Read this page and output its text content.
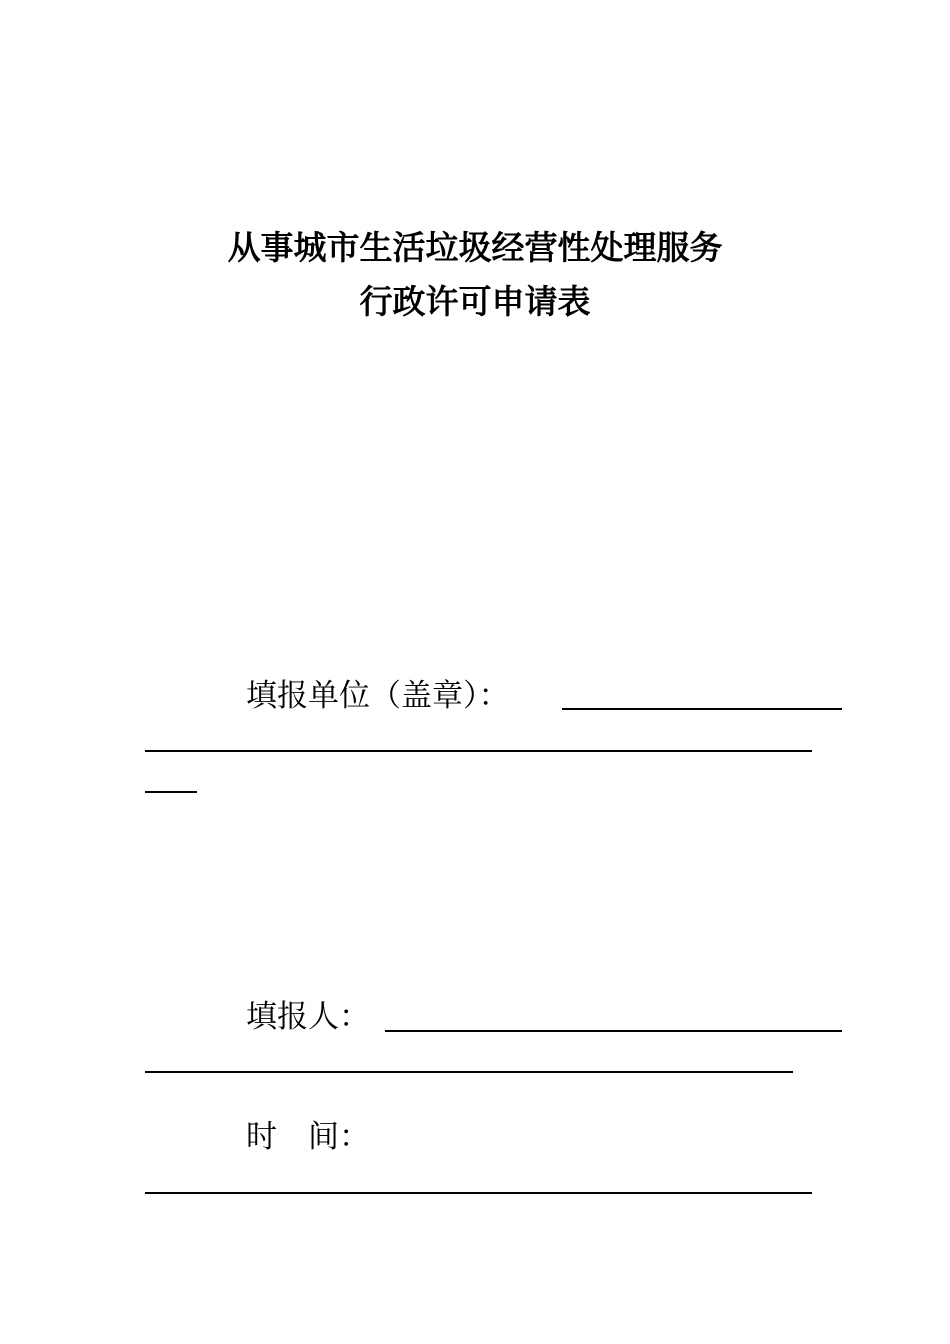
从事城市生活垃圾经营性处理服务
行政许可申请表
填报单位（盖章）：
填报人：
时　间：
